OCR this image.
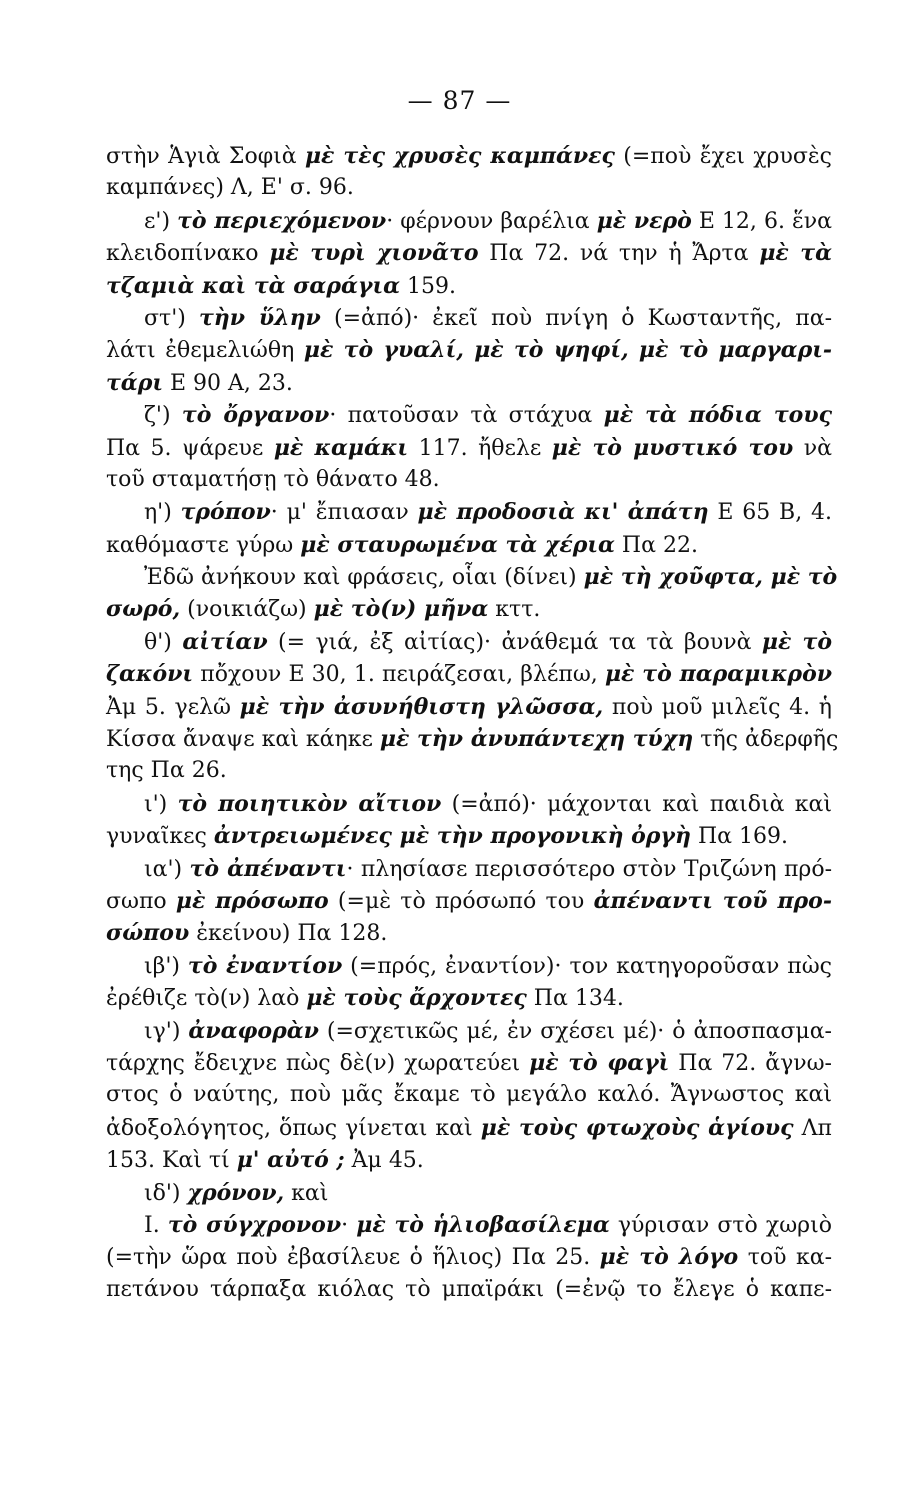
— 87 —
στὴν Ἁγιὰ Σοφιὰ μὲ τὲς χρυσὲς καμπάνες (=ποὺ ἔχει χρυσὲς
καμπάνες) Λ, Ε' σ. 96.
ε') τὸ περιεχόμενον· φέρνουν βαρέλια μὲ νερὸ Ε 12, 6. ἕνα
κλειδοπίνακο μὲ τυρὶ χιονᾶτο Πα 72. νά την ἡ Ἄρτα μὲ τὰ
τζαμιὰ καὶ τὰ σαράγια 159.
στ') τὴν ὕλην (=ἀπό)· ἐκεῖ ποὺ πνίγη ὁ Κωσταντῆς, πα-
λάτι ἐθεμελιώθη μὲ τὸ γυαλί, μὲ τὸ ψηφί, μὲ τὸ μαργαρι-
τάρι Ε 90 Α, 23.
ζ') τὸ ὄργανον· πατοῦσαν τὰ στάχυα μὲ τὰ πόδια τους
Πα 5. ψάρευε μὲ καμάκι 117. ἤθελε μὲ τὸ μυστικό του νὰ
τοῦ σταματήσῃ τὸ θάνατο 48.
η') τρόπον· μ' ἔπιασαν μὲ προδοσιὰ κι' ἀπάτη Ε 65 Β, 4.
καθόμαστε γύρω μὲ σταυρωμένα τὰ χέρια Πα 22.
Ἐδῶ ἀνήκουν καὶ φράσεις, οἷαι (δίνει) μὲ τὴ χοῦφτα, μὲ τὸ
σωρό, (νοικιάζω) μὲ τὸ(ν) μῆνα κττ.
θ') αἰτίαν (= γιά, ἐξ αἰτίας)· ἀνάθεμά τα τὰ βουνὰ μὲ τὸ
ζακόνι πὄχουν Ε 30, 1. πειράζεσαι, βλέπω, μὲ τὸ παραμικρὸν
Ἀμ 5. γελῶ μὲ τὴν ἀσυνήθιστη γλῶσσα, ποὺ μοῦ μιλεῖς 4. ἡ
Κίσσα ἄναψε καὶ κάηκε μὲ τὴν ἀνυπάντεχη τύχη τῆς ἀδερφῆς
της Πα 26.
ι') τὸ ποιητικὸν αἴτιον (=ἀπό)· μάχονται καὶ παιδιὰ καὶ
γυναῖκες ἀντρειωμένες μὲ τὴν προγονικὴ ὀργὴ Πα 169.
ια') τὸ ἀπέναντι· πλησίασε περισσότερο στὸν Τριζώνη πρό-
σωπο μὲ πρόσωπο (=μὲ τὸ πρόσωπό του ἀπέναντι τοῦ προ-
σώπου ἐκείνου) Πα 128.
ιβ') τὸ ἐναντίον (=πρός, ἐναντίον)· τον κατηγοροῦσαν πὼς
ἐρέθιζε τὸ(ν) λαὸ μὲ τοὺς ἄρχοντες Πα 134.
ιγ') ἀναφορὰν (=σχετικῶς μέ, ἐν σχέσει μέ)· ὁ ἀποσπασμα-
τάρχης ἔδειχνε πὼς δὲ(ν) χωρατεύει μὲ τὸ φαγὶ Πα 72. ἄγνω-
στος ὁ ναύτης, ποὺ μᾶς ἔκαμε τὸ μεγάλο καλό. Ἄγνωστος καὶ
ἀδοξολόγητος, ὅπως γίνεται καὶ μὲ τοὺς φτωχοὺς ἁγίους Λπ
153. Καὶ τί μ' αὐτό ; Ἀμ 45.
ιδ') χρόνον, καὶ
Ι. τὸ σύγχρονον· μὲ τὸ ἡλιοβασίλεμα γύρισαν στὸ χωριὸ
(=τὴν ὥρα ποὺ ἐβασίλευε ὁ ἥλιος) Πα 25. μὲ τὸ λόγο τοῦ κα-
πετάνου τάρπαξα κιόλας τὸ μπαϊράκι (=ἐνῷ το ἔλεγε ὁ καπε-
